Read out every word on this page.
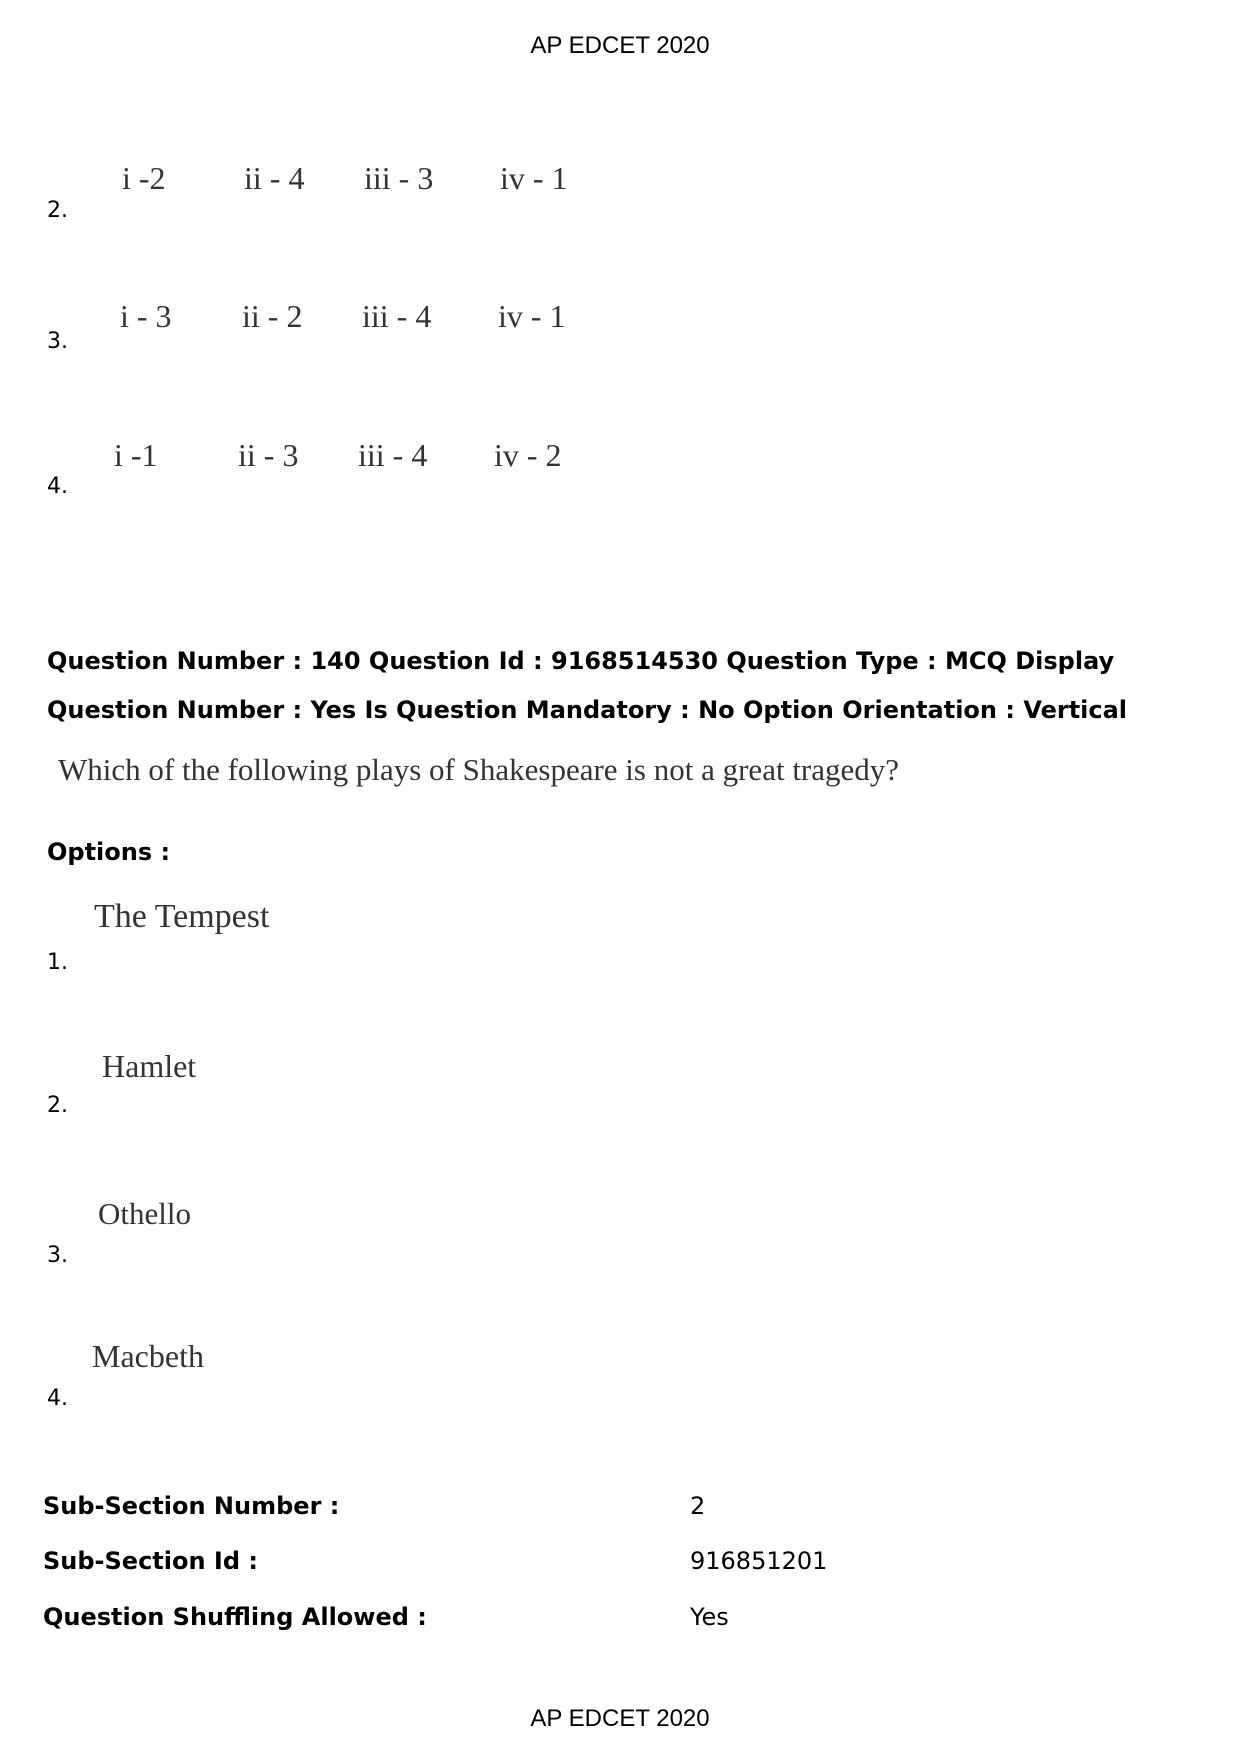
AP EDCET 2020
2.
i -2 ii - 4 iii - 3 iv - 1
3.
i - 3 ii - 2 iii - 4 iv - 1
4.
i -1	ii - 3 iii - 4 iv - 2
Question Number : 140 Question Id : 9168514530 Question Type : MCQ Display Question Number : Yes Is Question Mandatory : No Option Orientation : Vertical
Which of the following plays of Shakespeare is not a great tragedy?
Options :
1.
The Tempest
2.
Hamlet
3.
Othello
4.
Macbeth
Sub-Section Number :	2
Sub-Section Id :	916851201
Question Shuffling Allowed :	Yes
AP EDCET 2020
